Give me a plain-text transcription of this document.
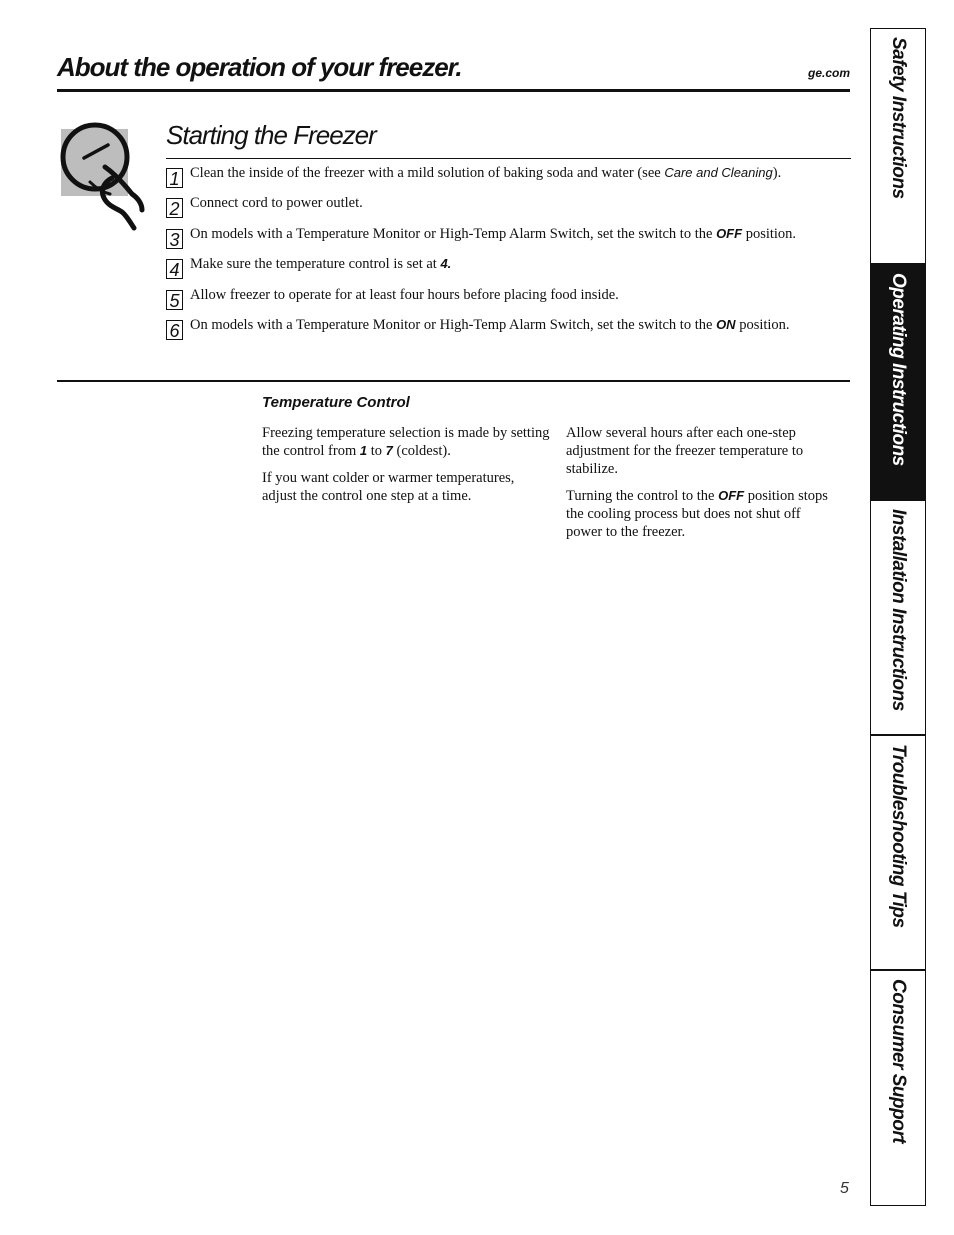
About the operation of your freezer.	ge.com
Starting the Freezer
1 Clean the inside of the freezer with a mild solution of baking soda and water (see Care and Cleaning).
2 Connect cord to power outlet.
3 On models with a Temperature Monitor or High-Temp Alarm Switch, set the switch to the OFF position.
4 Make sure the temperature control is set at 4.
5 Allow freezer to operate for at least four hours before placing food inside.
6 On models with a Temperature Monitor or High-Temp Alarm Switch, set the switch to the ON position.
Temperature Control

Freezing temperature selection is made by setting the control from 1 to 7 (coldest).

If you want colder or warmer temperatures, adjust the control one step at a time.

Allow several hours after each one-step adjustment for the freezer temperature to stabilize.

Turning the control to the OFF position stops the cooling process but does not shut off power to the freezer.

5
Safety Instructions
Operating Instructions
Installation Instructions
Troubleshooting Tips
Consumer Support
